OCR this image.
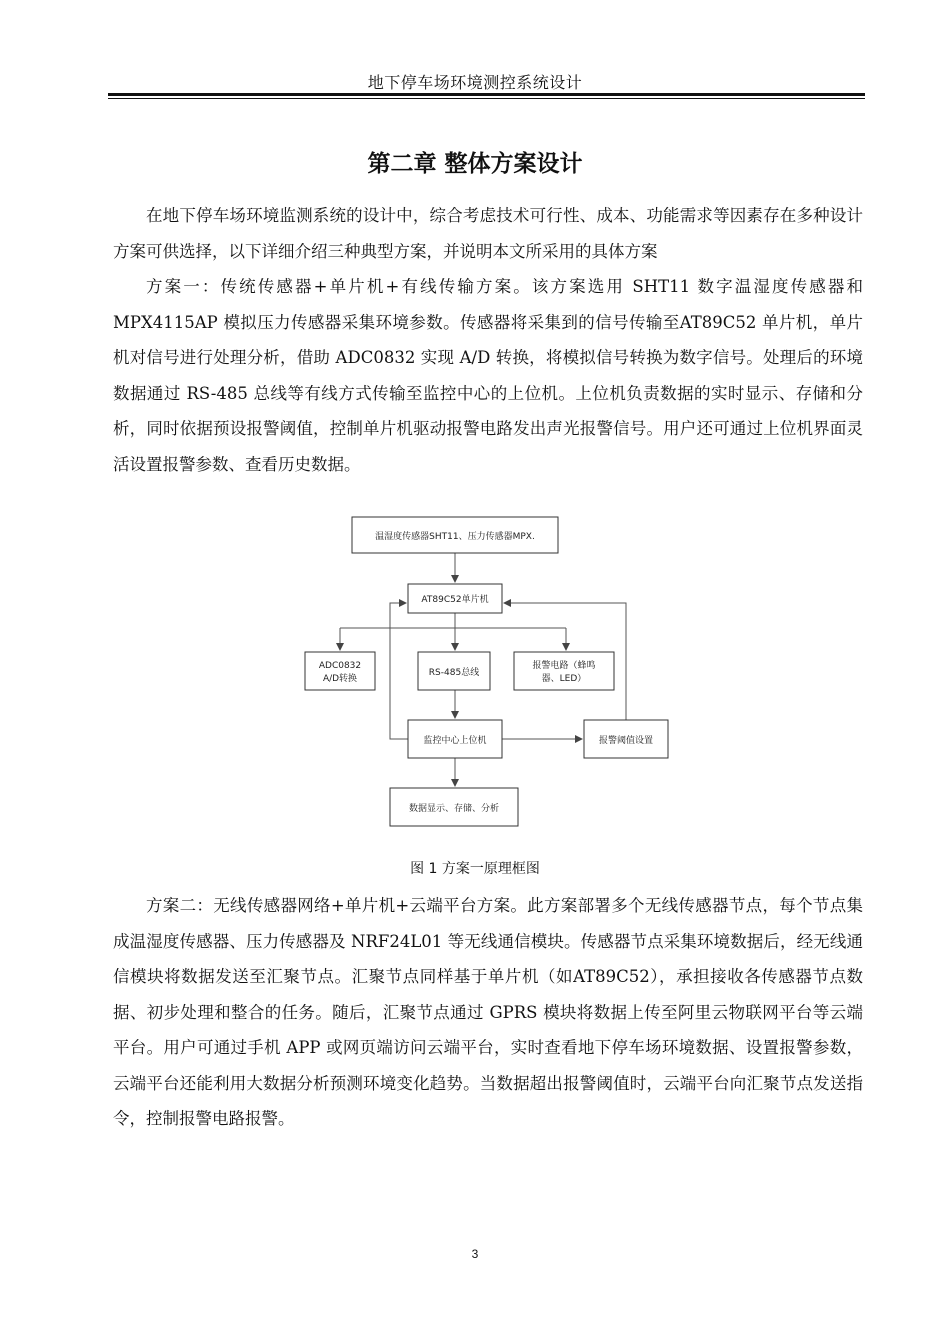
地下停车场环境测控系统设计
第二章 整体方案设计

在地下停车场环境监测系统的设计中，综合考虑技术可行性、成本、功能需求等因素存在多种设计方案可供选择，以下详细介绍三种典型方案，并说明本文所采用的具体方案

方案一：传统传感器+单片机+有线传输方案。该方案选用 SHT11 数字温湿度传感器和 MPX4115AP 模拟压力传感器采集环境参数。传感器将采集到的信号传输至AT89C52 单片机，单片机对信号进行处理分析，借助 ADC0832 实现 A/D 转换，将模拟信号转换为数字信号。处理后的环境数据通过 RS-485 总线等有线方式传输至监控中心的上位机。上位机负责数据的实时显示、存储和分析，同时依据预设报警阈值，控制单片机驱动报警电路发出声光报警信号。用户还可通过上位机界面灵活设置报警参数、查看历史数据。

温湿度传感器SHT11、压力传感器MPX.
AT89C52单片机
ADC0832
A/D转换
RS-485总线
报警电路（蜂鸣
器、LED）
监控中心上位机	报警阈值设置
数据显示、存储、分析
图 1 方案一原理框图

方案二：无线传感器网络+单片机+云端平台方案。此方案部署多个无线传感器节点，每个节点集成温湿度传感器、压力传感器及 NRF24L01 等无线通信模块。传感器节点采集环境数据后，经无线通信模块将数据发送至汇聚节点。汇聚节点同样基于单片机（如AT89C52），承担接收各传感器节点数据、初步处理和整合的任务。随后，汇聚节点通过 GPRS 模块将数据上传至阿里云物联网平台等云端平台。用户可通过手机 APP 或网页端访问云端平台，实时查看地下停车场环境数据、设置报警参数，云端平台还能利用大数据分析预测环境变化趋势。当数据超出报警阈值时，云端平台向汇聚节点发送指令，控制报警电路报警。

3
